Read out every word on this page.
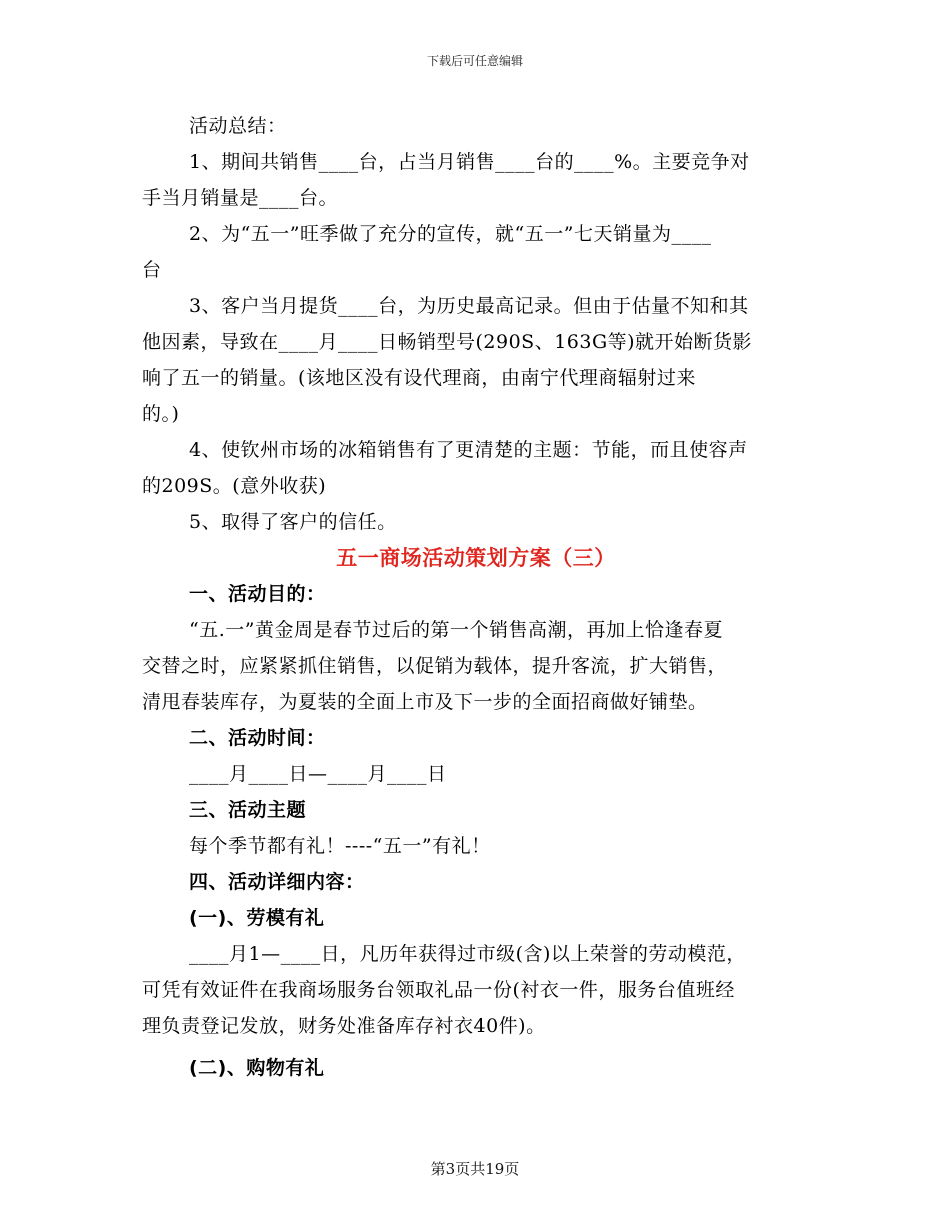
下载后可任意编辑
活动总结：
1、期间共销售____台，占当月销售____台的____%。主要竞争对
手当月销量是____台。
2、为“五一”旺季做了充分的宣传，就“五一”七天销量为____
台
3、客户当月提货____台，为历史最高记录。但由于估量不知和其
他因素，导致在____月____日畅销型号(290S、163G等)就开始断货影
响了五一的销量。(该地区没有设代理商，由南宁代理商辐射过来
的。)
4、使钦州市场的冰箱销售有了更清楚的主题：节能，而且使容声
的209S。(意外收获)
5、取得了客户的信任。
五一商场活动策划方案（三）
一、活动目的：
“五.一”黄金周是春节过后的第一个销售高潮，再加上恰逢春夏
交替之时，应紧紧抓住销售，以促销为载体，提升客流，扩大销售，
清甩春装库存，为夏装的全面上市及下一步的全面招商做好铺垫。
二、活动时间：
____月____日—____月____日
三、活动主题
每个季节都有礼！----“五一”有礼！
四、活动详细内容：
(一)、劳模有礼
____月1—____日，凡历年获得过市级(含)以上荣誉的劳动模范，
可凭有效证件在我商场服务台领取礼品一份(衬衣一件，服务台值班经
理负责登记发放，财务处准备库存衬衣40件)。
(二)、购物有礼
第3页共19页
